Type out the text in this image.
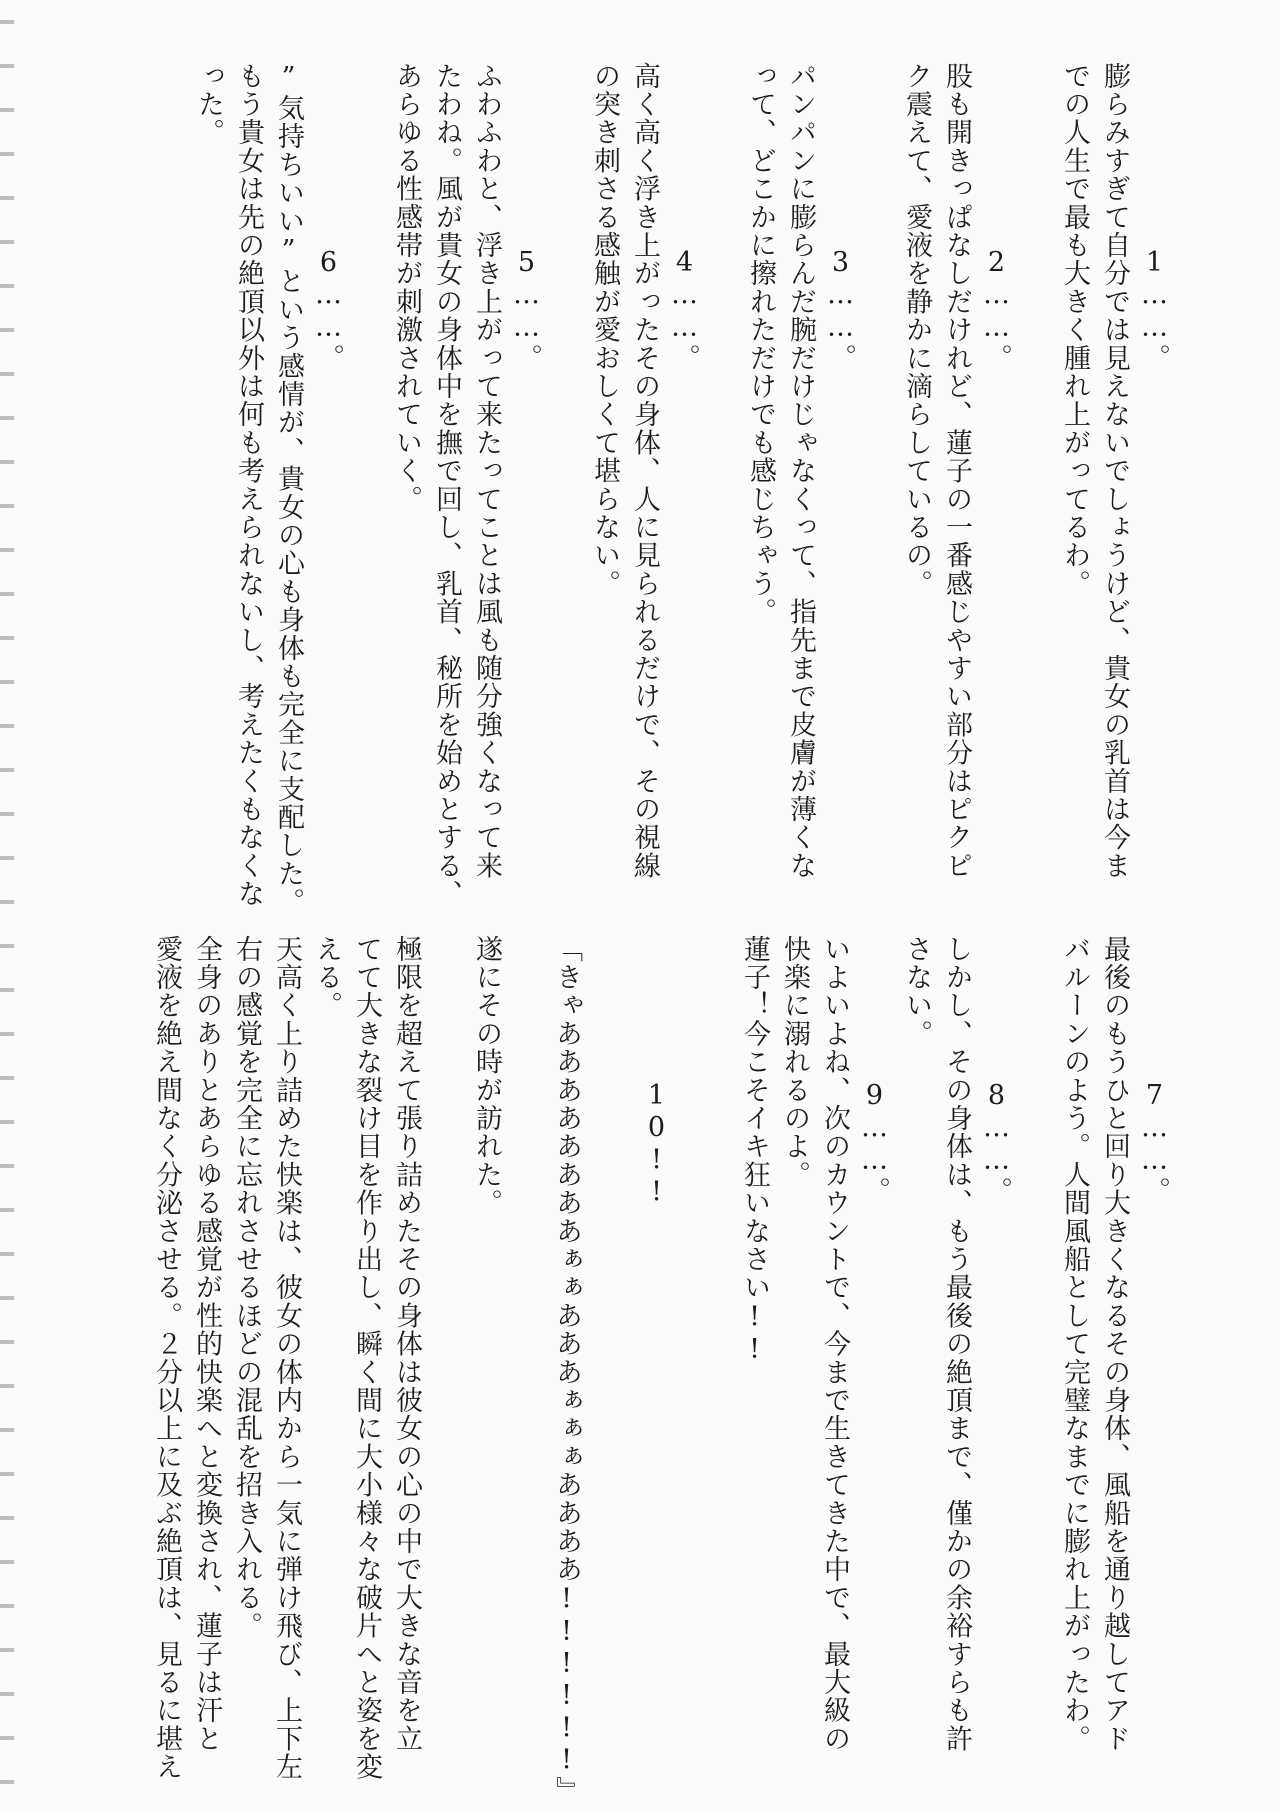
1……。
膨らみすぎて自分では見えないでしょうけど、貴女の乳首は今ま
での人生で最も大きく腫れ上がってるわ。
2……。
股も開きっぱなしだけれど、蓮子の一番感じやすい部分はピクピ
ク震えて、愛液を静かに滴らしているの。
3……。
パンパンに膨らんだ腕だけじゃなくって、指先まで皮膚が薄くな
って、どこかに擦れただけでも感じちゃう。
4……。
高く高く浮き上がったその身体、人に見られるだけで、その視線
の突き刺さる感触が愛おしくて堪らない。
5……。
ふわふわと、浮き上がって来たってことは風も随分強くなって来
たわね。風が貴女の身体中を撫で回し、乳首、秘所を始めとする、
あらゆる性感帯が刺激されていく。
6……。
”気持ちいい”という感情が、貴女の心も身体も完全に支配した。
もう貴女は先の絶頂以外は何も考えられないし、考えたくもなくな
った。
7……。
最後のもうひと回り大きくなるその身体、風船を通り越してアド
バルーンのよう。人間風船として完璧なまでに膨れ上がったわ。
8……。
しかし、その身体は、もう最後の絶頂まで、僅かの余裕すらも許
さない。
9……。
いよいよね、次のカウントで、今まで生きてきた中で、最大級の
快楽に溺れるのよ。
蓮子！今こそイキ狂いなさい!!
10!!
「きゃああああああああぁぁあああぁぁぁああああ!!!!!!』
遂にその時が訪れた。
極限を超えて張り詰めたその身体は彼女の心の中で大きな音を立
てて大きな裂け目を作り出し、瞬く間に大小様々な破片へと姿を変
える。
天高く上り詰めた快楽は、彼女の体内から一気に弾け飛び、上下左
右の感覚を完全に忘れさせるほどの混乱を招き入れる。
全身のありとあらゆる感覚が性的快楽へと変換され、蓮子は汗と
愛液を絶え間なく分泌させる。２分以上に及ぶ絶頂は、見るに堪え
